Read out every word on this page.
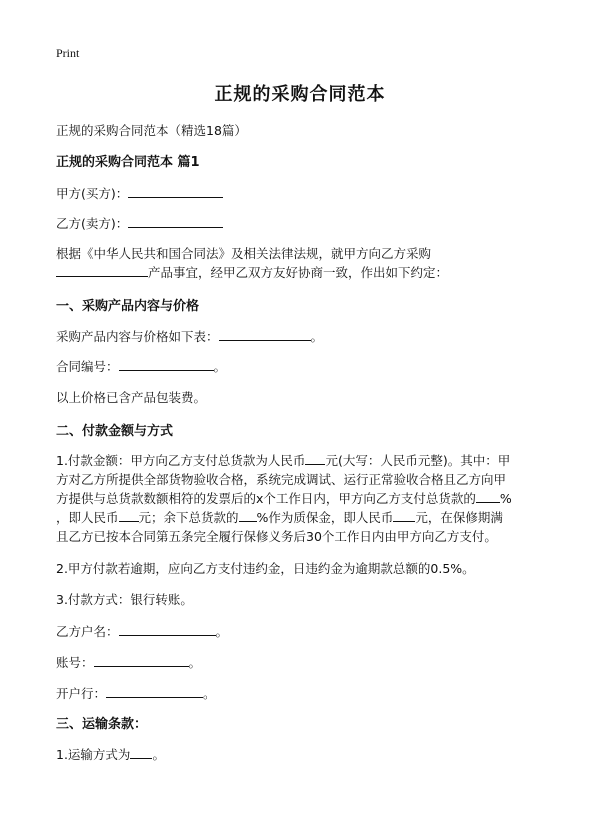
Print
正规的采购合同范本
正规的采购合同范本（精选18篇）
正规的采购合同范本 篇1
甲方(买方)：
乙方(卖方)：
根据《中华人民共和国合同法》及相关法律法规，就甲方向乙方采购
产品事宜，经甲乙双方友好协商一致，作出如下约定：
一、采购产品内容与价格
采购产品内容与价格如下表：	。
合同编号：	。
以上价格已含产品包装费。
二、付款金额与方式
1.付款金额：甲方向乙方支付总货款为人民币 元(大写：人民币元整)。其中：甲
方对乙方所提供全部货物验收合格，系统完成调试、运行正常验收合格且乙方向甲
方提供与总货款数额相符的发票后的x个工作日内，甲方向乙方支付总货款的 %
，即人民币 元；余下总货款的 %作为质保金，即人民币 元，在保修期满
且乙方已按本合同第五条完全履行保修义务后30个工作日内由甲方向乙方支付。
2.甲方付款若逾期，应向乙方支付违约金，日违约金为逾期款总额的0.5%。
3.付款方式：银行转账。
乙方户名：	。
账号：	。
开户行：	。
三、运输条款：
1.运输方式为 。
